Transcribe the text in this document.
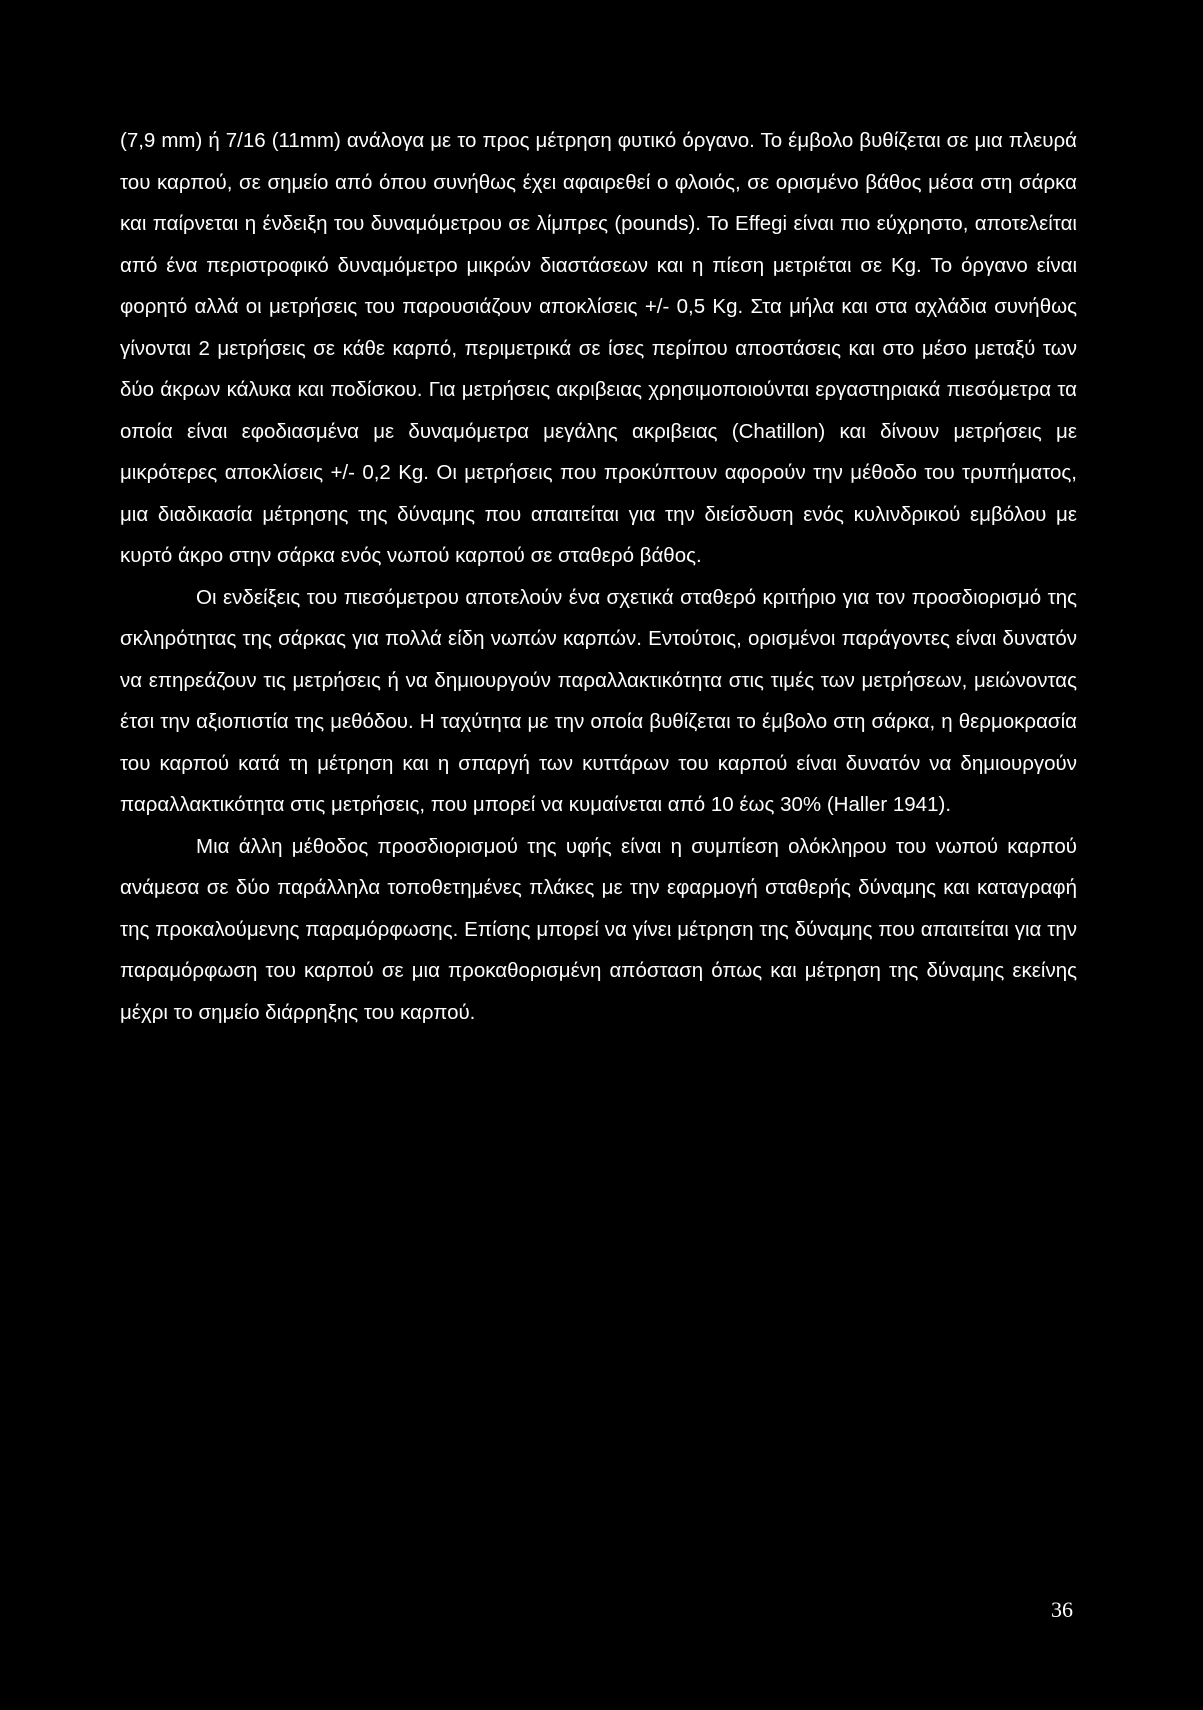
(7,9 mm) ή 7/16 (11mm) ανάλογα με το προς μέτρηση φυτικό όργανο. Το έμβολο βυθίζεται σε μια πλευρά του καρπού, σε σημείο από όπου συνήθως έχει αφαιρεθεί ο φλοιός, σε ορισμένο βάθος μέσα στη σάρκα και παίρνεται η ένδειξη του δυναμόμετρου σε λίμπρες (pounds). Το Effegi είναι πιο εύχρηστο, αποτελείται από ένα περιστροφικό δυναμόμετρο μικρών διαστάσεων και η πίεση μετριέται σε Kg. Το όργανο είναι φορητό αλλά οι μετρήσεις του παρουσιάζουν αποκλίσεις +/- 0,5 Kg. Στα μήλα και στα αχλάδια συνήθως γίνονται 2 μετρήσεις σε κάθε καρπό, περιμετρικά σε ίσες περίπου αποστάσεις και στο μέσο μεταξύ των δύο άκρων κάλυκα και ποδίσκου. Για μετρήσεις ακριβειας χρησιμοποιούνται εργαστηριακά πιεσόμετρα τα οποία είναι εφοδιασμένα με δυναμόμετρα μεγάλης ακριβειας (Chatillon) και δίνουν μετρήσεις με μικρότερες αποκλίσεις +/- 0,2 Kg. Οι μετρήσεις που προκύπτουν αφορούν την μέθοδο του τρυπήματος, μια διαδικασία μέτρησης της δύναμης που απαιτείται για την διείσδυση ενός κυλινδρικού εμβόλου με κυρτό άκρο στην σάρκα ενός νωπού καρπού σε σταθερό βάθος.

Οι ενδείξεις του πιεσόμετρου αποτελούν ένα σχετικά σταθερό κριτήριο για τον προσδιορισμό της σκληρότητας της σάρκας για πολλά είδη νωπών καρπών. Εντούτοις, ορισμένοι παράγοντες είναι δυνατόν να επηρεάζουν τις μετρήσεις ή να δημιουργούν παραλλακτικότητα στις τιμές των μετρήσεων, μειώνοντας έτσι την αξιοπιστία της μεθόδου. Η ταχύτητα με την οποία βυθίζεται το έμβολο στη σάρκα, η θερμοκρασία του καρπού κατά τη μέτρηση και η σπαργή των κυττάρων του καρπού είναι δυνατόν να δημιουργούν παραλλακτικότητα στις μετρήσεις, που μπορεί να κυμαίνεται από 10 έως 30% (Haller 1941).

Μια άλλη μέθοδος προσδιορισμού της υφής είναι η συμπίεση ολόκληρου του νωπού καρπού ανάμεσα σε δύο παράλληλα τοποθετημένες πλάκες με την εφαρμογή σταθερής δύναμης και καταγραφή της προκαλούμενης παραμόρφωσης. Επίσης μπορεί να γίνει μέτρηση της δύναμης που απαιτείται για την παραμόρφωση του καρπού σε μια προκαθορισμένη απόσταση όπως και μέτρηση της δύναμης εκείνης μέχρι το σημείο διάρρηξης του καρπού.

36
